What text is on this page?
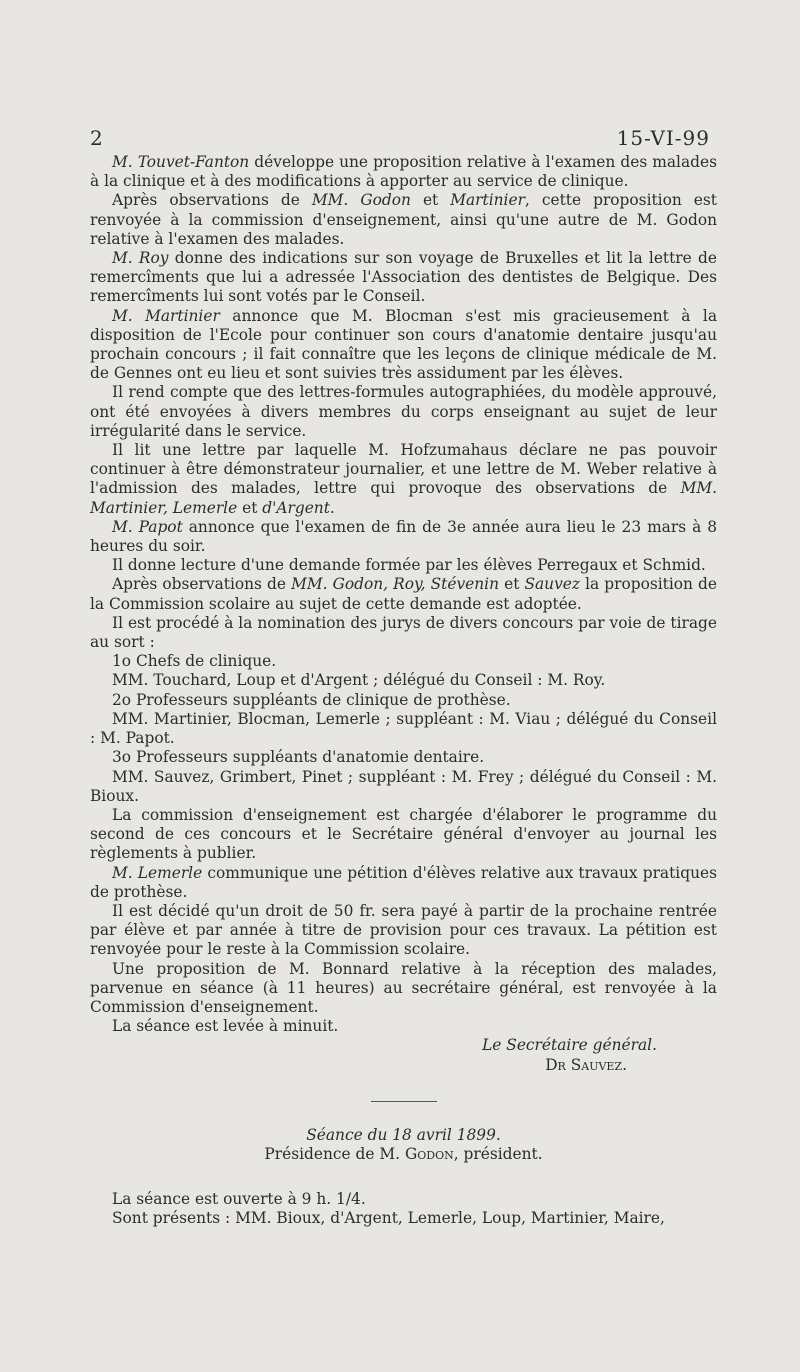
2	15-VI-99

M. Touvet-Fanton développe une proposition relative à l'examen des malades à la clinique et à des modifications à apporter au service de clinique.

Après observations de MM. Godon et Martinier, cette proposition est renvoyée à la commission d'enseignement, ainsi qu'une autre de M. Godon relative à l'examen des malades.

M. Roy donne des indications sur son voyage de Bruxelles et lit la lettre de remercîments que lui a adressée l'Association des dentistes de Belgique. Des remercîments lui sont votés par le Conseil.

M. Martinier annonce que M. Blocman s'est mis gracieusement à la disposition de l'Ecole pour continuer son cours d'anatomie dentaire jusqu'au prochain concours ; il fait connaître que les leçons de clinique médicale de M. de Gennes ont eu lieu et sont suivies très assidument par les élèves.

Il rend compte que des lettres-formules autographiées, du modèle approuvé, ont été envoyées à divers membres du corps enseignant au sujet de leur irrégularité dans le service.

Il lit une lettre par laquelle M. Hofzumahaus déclare ne pas pouvoir continuer à être démonstrateur journalier, et une lettre de M. Weber relative à l'admission des malades, lettre qui provoque des observations de MM. Martinier, Lemerle et d'Argent.

M. Papot annonce que l'examen de fin de 3e année aura lieu le 23 mars à 8 heures du soir.

Il donne lecture d'une demande formée par les élèves Perregaux et Schmid.

Après observations de MM. Godon, Roy, Stévenin et Sauvez la proposition de la Commission scolaire au sujet de cette demande est adoptée.

Il est procédé à la nomination des jurys de divers concours par voie de tirage au sort :

1o Chefs de clinique.

MM. Touchard, Loup et d'Argent ; délégué du Conseil : M. Roy.

2o Professeurs suppléants de clinique de prothèse.

MM. Martinier, Blocman, Lemerle ; suppléant : M. Viau ; délégué du Conseil : M. Papot.

3o Professeurs suppléants d'anatomie dentaire.

MM. Sauvez, Grimbert, Pinet ; suppléant : M. Frey ; délégué du Conseil : M. Bioux.

La commission d'enseignement est chargée d'élaborer le programme du second de ces concours et le Secrétaire général d'envoyer au journal les règlements à publier.

M. Lemerle communique une pétition d'élèves relative aux travaux pratiques de prothèse.

Il est décidé qu'un droit de 50 fr. sera payé à partir de la prochaine rentrée par élève et par année à titre de provision pour ces travaux. La pétition est renvoyée pour le reste à la Commission scolaire.

Une proposition de M. Bonnard relative à la réception des malades, parvenue en séance (à 11 heures) au secrétaire général, est renvoyée à la Commission d'enseignement.

La séance est levée à minuit.

Le Secrétaire général.

Dr Sauvez.

Séance du 18 avril 1899.

Présidence de M. Godon, président.

La séance est ouverte à 9 h. 1/4.

Sont présents : MM. Bioux, d'Argent, Lemerle, Loup, Martinier, Maire,
